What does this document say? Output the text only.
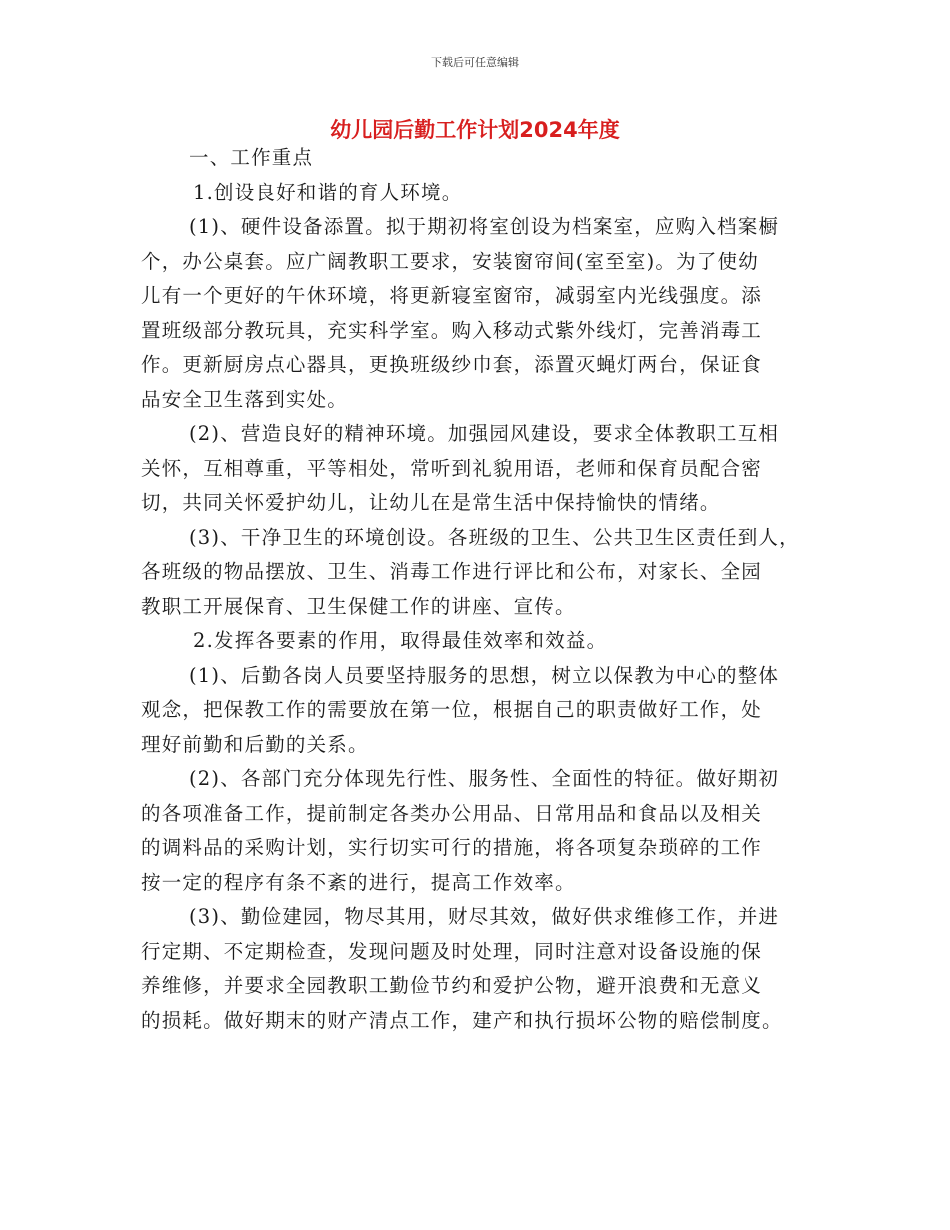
下载后可任意编辑
幼儿园后勤工作计划2024年度
一、工作重点
1.创设良好和谐的育人环境。
(1)、硬件设备添置。拟于期初将室创设为档案室，应购入档案橱
个，办公桌套。应广阔教职工要求，安装窗帘间(室至室)。为了使幼
儿有一个更好的午休环境，将更新寝室窗帘，减弱室内光线强度。添
置班级部分教玩具，充实科学室。购入移动式紫外线灯，完善消毒工
作。更新厨房点心器具，更换班级纱巾套，添置灭蝇灯两台，保证食
品安全卫生落到实处。
(2)、营造良好的精神环境。加强园风建设，要求全体教职工互相
关怀，互相尊重，平等相处，常听到礼貌用语，老师和保育员配合密
切，共同关怀爱护幼儿，让幼儿在是常生活中保持愉快的情绪。
(3)、干净卫生的环境创设。各班级的卫生、公共卫生区责任到人，
各班级的物品摆放、卫生、消毒工作进行评比和公布，对家长、全园
教职工开展保育、卫生保健工作的讲座、宣传。
2.发挥各要素的作用，取得最佳效率和效益。
(1)、后勤各岗人员要坚持服务的思想，树立以保教为中心的整体
观念，把保教工作的需要放在第一位，根据自己的职责做好工作，处
理好前勤和后勤的关系。
(2)、各部门充分体现先行性、服务性、全面性的特征。做好期初
的各项准备工作，提前制定各类办公用品、日常用品和食品以及相关
的调料品的采购计划，实行切实可行的措施，将各项复杂琐碎的工作
按一定的程序有条不紊的进行，提高工作效率。
(3)、勤俭建园，物尽其用，财尽其效，做好供求维修工作，并进
行定期、不定期检查，发现问题及时处理，同时注意对设备设施的保
养维修，并要求全园教职工勤俭节约和爱护公物，避开浪费和无意义
的损耗。做好期末的财产清点工作，建产和执行损坏公物的赔偿制度。
